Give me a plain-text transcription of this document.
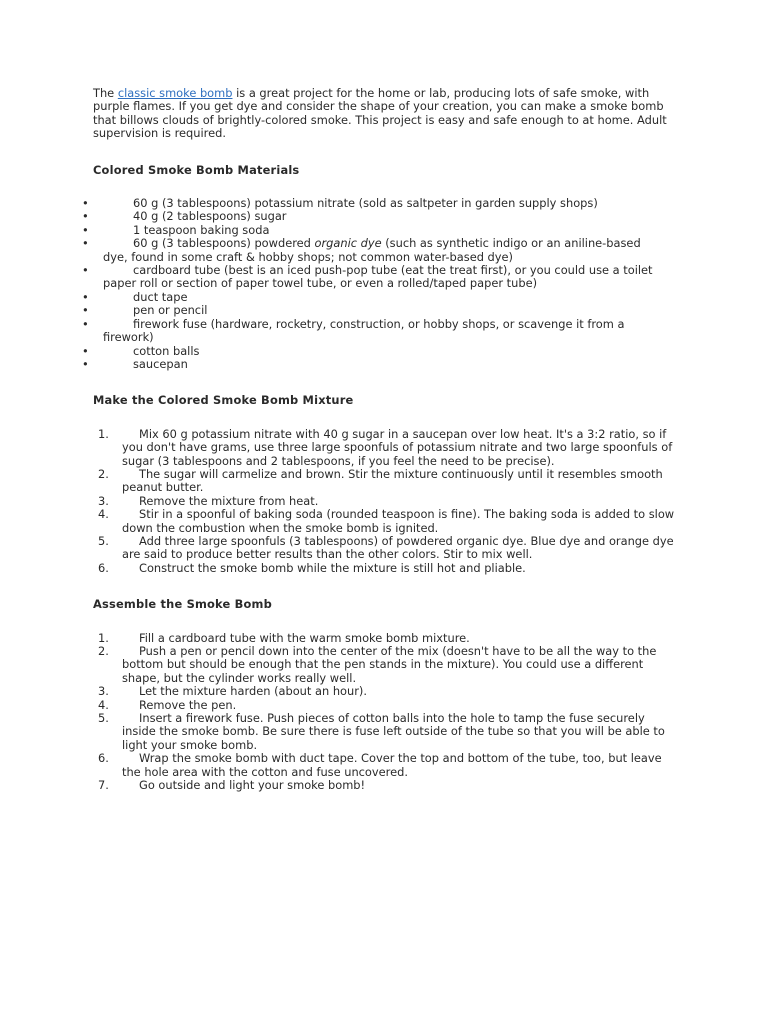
The classic smoke bomb is a great project for the home or lab, producing lots of safe smoke, with purple flames. If you get dye and consider the shape of your creation, you can make a smoke bomb that billows clouds of brightly-colored smoke. This project is easy and safe enough to at home. Adult supervision is required.

Colored Smoke Bomb Materials
•	60 g (3 tablespoons) potassium nitrate (sold as saltpeter in garden supply shops)
•	40 g (2 tablespoons) sugar
•	1 teaspoon baking soda
•	60 g (3 tablespoons) powdered organic dye (such as synthetic indigo or an aniline-based dye, found in some craft & hobby shops; not common water-based dye)
•	cardboard tube (best is an iced push-pop tube (eat the treat first), or you could use a toilet paper roll or section of paper towel tube, or even a rolled/taped paper tube)
•	duct tape
•	pen or pencil
•	firework fuse (hardware, rocketry, construction, or hobby shops, or scavenge it from a firework)
•	cotton balls
•	saucepan
Make the Colored Smoke Bomb Mixture
1.	Mix 60 g potassium nitrate with 40 g sugar in a saucepan over low heat. It's a 3:2 ratio, so if you don't have grams, use three large spoonfuls of potassium nitrate and two large spoonfuls of sugar (3 tablespoons and 2 tablespoons, if you feel the need to be precise).
2.	The sugar will carmelize and brown. Stir the mixture continuously until it resembles smooth peanut butter.
3.	Remove the mixture from heat.
4.	Stir in a spoonful of baking soda (rounded teaspoon is fine). The baking soda is added to slow down the combustion when the smoke bomb is ignited.
5.	Add three large spoonfuls (3 tablespoons) of powdered organic dye. Blue dye and orange dye are said to produce better results than the other colors. Stir to mix well.
6.	Construct the smoke bomb while the mixture is still hot and pliable.
Assemble the Smoke Bomb
1.	Fill a cardboard tube with the warm smoke bomb mixture.
2.	Push a pen or pencil down into the center of the mix (doesn't have to be all the way to the bottom but should be enough that the pen stands in the mixture). You could use a different shape, but the cylinder works really well.
3.	Let the mixture harden (about an hour).
4.	Remove the pen.
5.	Insert a firework fuse. Push pieces of cotton balls into the hole to tamp the fuse securely inside the smoke bomb. Be sure there is fuse left outside of the tube so that you will be able to light your smoke bomb.
6.	Wrap the smoke bomb with duct tape. Cover the top and bottom of the tube, too, but leave the hole area with the cotton and fuse uncovered.
7.	Go outside and light your smoke bomb!
